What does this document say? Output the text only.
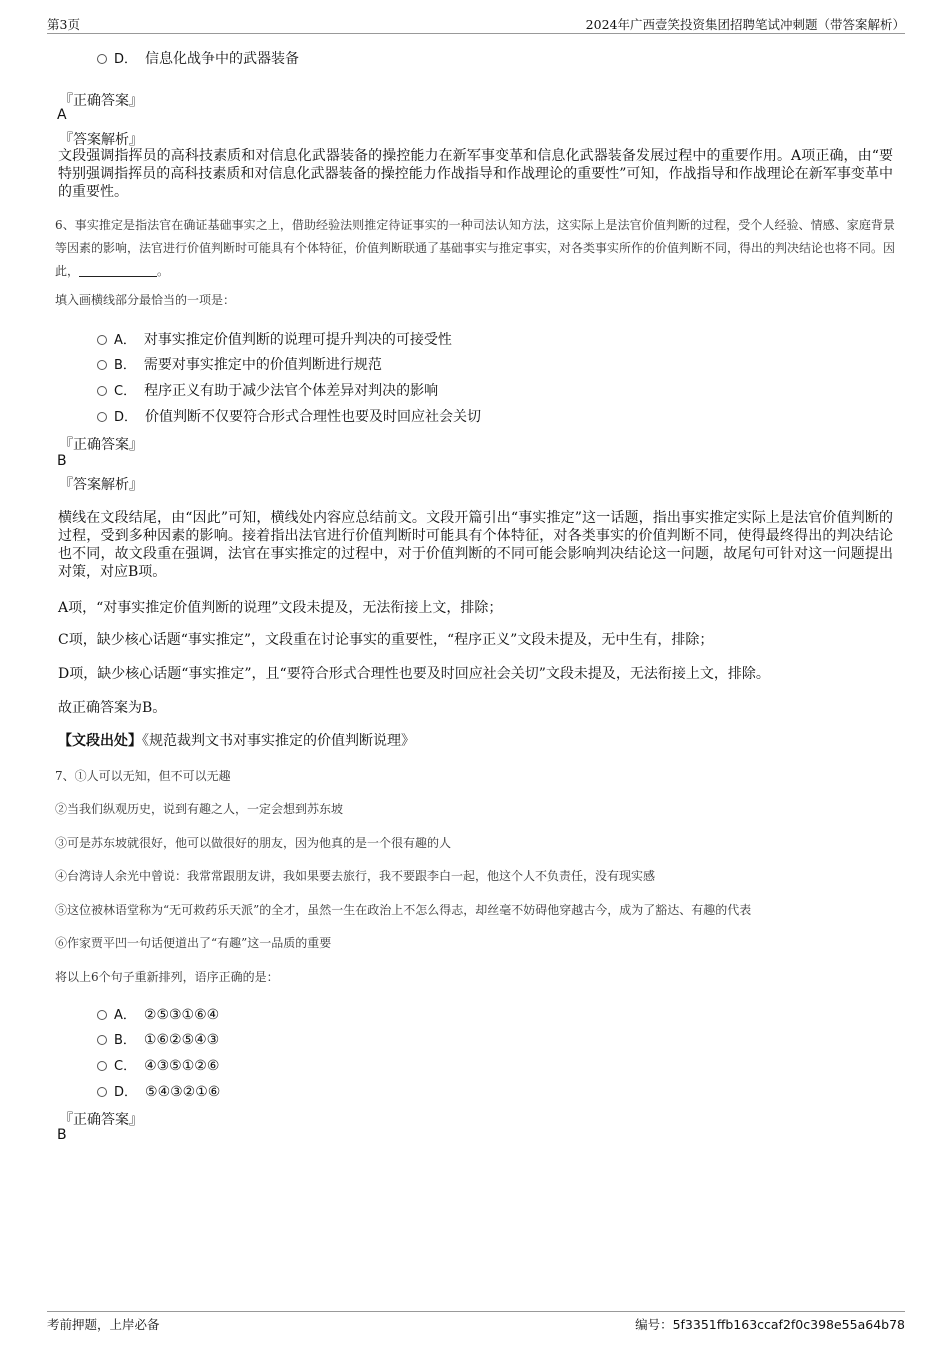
第3页	2024年广西壹笑投资集团招聘笔试冲刺题（带答案解析）
D． 信息化战争中的武器装备
『正确答案』
A
『答案解析』
文段强调指挥员的高科技素质和对信息化武器装备的操控能力在新军事变革和信息化武器装备发展过程中的重要作用。A项正确，由“要特别强调指挥员的高科技素质和对信息化武器装备的操控能力作战指导和作战理论的重要性”可知，作战指导和作战理论在新军事变革中的重要性。
6、事实推定是指法官在确证基础事实之上，借助经验法则推定待证事实的一种司法认知方法，这实际上是法官价值判断的过程，受个人经验、情感、家庭背景等因素的影响，法官进行价值判断时可能具有个体特征，价值判断联通了基础事实与推定事实，对各类事实所作的价值判断不同，得出的判决结论也将不同。因此，	。
填入画横线部分最恰当的一项是：
A． 对事实推定价值判断的说理可提升判决的可接受性
B． 需要对事实推定中的价值判断进行规范
C． 程序正义有助于减少法官个体差异对判决的影响
D． 价值判断不仅要符合形式合理性也要及时回应社会关切
『正确答案』
B
『答案解析』
横线在文段结尾，由“因此”可知，横线处内容应总结前文。文段开篇引出“事实推定”这一话题，指出事实推定实际上是法官价值判断的过程，受到多种因素的影响。接着指出法官进行价值判断时可能具有个体特征，对各类事实的价值判断不同，使得最终得出的判决结论也不同，故文段重在强调，法官在事实推定的过程中，对于价值判断的不同可能会影响判决结论这一问题，故尾句可针对这一问题提出对策，对应B项。
A项，“对事实推定价值判断的说理”文段未提及，无法衔接上文，排除；
C项，缺少核心话题“事实推定”，文段重在讨论事实的重要性，“程序正义”文段未提及，无中生有，排除；
D项，缺少核心话题“事实推定”，且“要符合形式合理性也要及时回应社会关切”文段未提及，无法衔接上文，排除。
故正确答案为B。
【文段出处】《规范裁判文书对事实推定的价值判断说理》
7、①人可以无知，但不可以无趣
②当我们纵观历史，说到有趣之人，一定会想到苏东坡
③可是苏东坡就很好，他可以做很好的朋友，因为他真的是一个很有趣的人
④台湾诗人余光中曾说：我常常跟朋友讲，我如果要去旅行，我不要跟李白一起，他这个人不负责任，没有现实感
⑤这位被林语堂称为“无可救药乐天派”的全才，虽然一生在政治上不怎么得志，却丝毫不妨碍他穿越古今，成为了豁达、有趣的代表
⑥作家贾平凹一句话便道出了“有趣”这一品质的重要
将以上6个句子重新排列，语序正确的是：
A． ②⑤③①⑥④
B． ①⑥②⑤④③
C． ④③⑤①②⑥
D． ⑤④③②①⑥
『正确答案』
B
考前押题，上岸必备	编号：5f3351ffb163ccaf2f0c398e55a64b78
